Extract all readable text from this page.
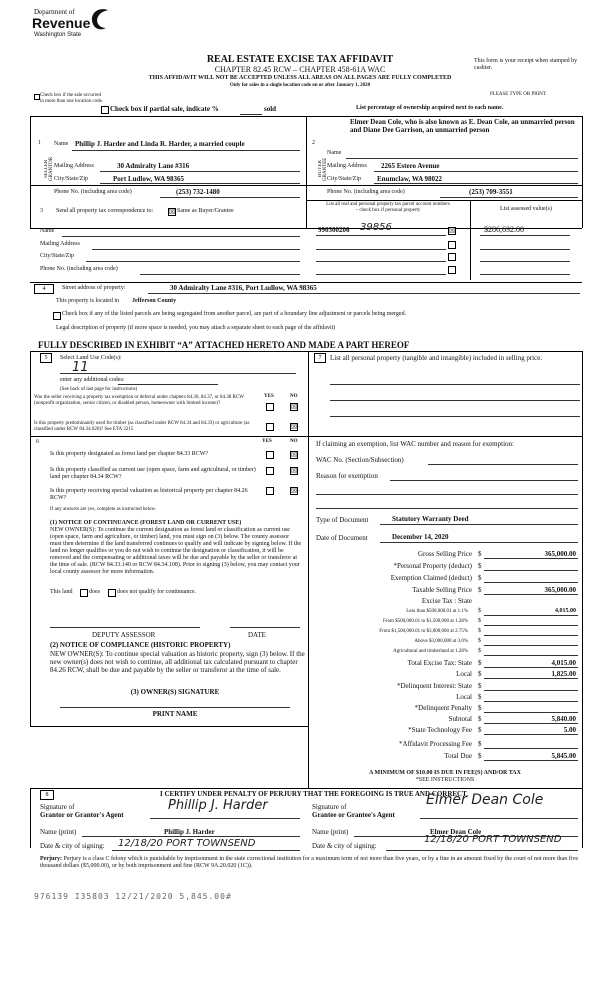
Department of
Revenue
Washington State
REAL ESTATE EXCISE TAX AFFIDAVIT
CHAPTER 82.45 RCW – CHAPTER 458-61A WAC
THIS AFFIDAVIT WILL NOT BE ACCEPTED UNLESS ALL AREAS ON ALL PAGES ARE FULLY COMPLETED
Only for sales in a single location code on or after January 1, 2020
This form is your receipt when stamped by cashier.
PLEASE TYPE OR PRINT
Check box if the sale occurred
in more than one location code.
Check box if partial sale, indicate %	sold	List percentage of ownership acquired next to each name.
1
SELLER GRANTOR
Name Phillip J. Harder and Linda R. Harder, a married couple
Mailing Address	30 Admiralty Lane #316
City/State/Zip	Port Ludlow, WA 98365
Phone No. (including area code)	(253) 732-1480
2
BUYER GRANTEE
Name
Elmer Dean Cole, who is also known as E. Dean Cole, an unmarried person and Diane Dee Garrison, an unmarried person
Mailing Address 2265 Estero Avenue
City/State/Zip Enumclaw, WA 98022
Phone No. (including area code)	(253) 709-3551
3 Send all property tax correspondence to: ☒ Same as Buyer/Grantee
Name
Mailing Address
City/State/Zip
Phone No. (including area code)
List all real and personal property tax parcel account numbers
– check box if personal property	List assessed value(s)
990300206 39856	☒	$286,632.00
4	Street address of property:	30 Admiralty Lane #316, Port Ludlow, WA 98365
This property is located in Jefferson County
Check box if any of the listed parcels are being segregated from another parcel, are part of a boundary line adjustment or parcels being merged.
Legal description of property (if more space is needed, you may attach a separate sheet to each page of the affidavit)
FULLY DESCRIBED IN EXHIBIT “A” ATTACHED HERETO AND MADE A PART HEREOF
5	Select Land Use Code(s):
11
enter any additional codes:
(See back of last page for instructions)
YES	NO
Was the seller receiving a property tax exemption or deferral under chapters 84.36, 84.37, or 84.38 RCW (nonprofit organization, senior citizen, or disabled person, homeowner with limited income)?	☒
Is this property predominantly used for timber (as classified under RCW 84.34 and 84.33) or agriculture (as classified under RCW 84.34.020)? See ETA 3215	☒
7	List all personal property (tangible and intangible) included in selling price.
6	YES	NO
Is this property designated as forest land per chapter 84.33 RCW?	☒
Is this property classified as current use (open space, farm and agricultural, or timber) land per chapter 84.34 RCW?
☒
Is this property receiving special valuation as historical property per chapter 84.26 RCW?
☒
If any answers are yes, complete as instructed below.
(1) NOTICE OF CONTINUANCE (FOREST LAND OR CURRENT USE)
NEW OWNER(S): To continue the current designation as forest land or classification as current use (open space, farm and agriculture, or timber) land, you must sign on (3) below. The county assessor must then determine if the land transferred continues to qualify and will indicate by signing below. If the land no longer qualifies or you do not wish to continue the designation or classification, it will be removed and the compensating or additional taxes will be due and payable by the seller or transferor at the time of sale. (RCW 84.33.140 or RCW 84.34.108). Prior to signing (3) below, you may contact your local county assessor for more information.
This land	does	does not qualify for continuance.
DEPUTY ASSESSOR	DATE
(2) NOTICE OF COMPLIANCE (HISTORIC PROPERTY)
NEW OWNER(S): To continue special valuation as historic property, sign (3) below. If the new owner(s) does not wish to continue, all additional tax calculated pursuant to chapter 84.26 RCW, shall be due and payable by the seller or transferor at the time of sale.
(3) OWNER(S) SIGNATURE
PRINT NAME
If claiming an exemption, list WAC number and reason for exemption:
WAC No. (Section/Subsection)
Reason for exemption
Type of Document	Statutory Warranty Deed
Date of Document	December 14, 2020
Gross Selling Price $	365,000.00
*Personal Property (deduct) $
Exemption Claimed (deduct) $
Taxable Selling Price $	365,000.00
Excise Tax : State
Less than $500,000.01 at 1.1% $	4,015.00
From $500,000.01 to $1,500,000 at 1.28% $
From $1,500,000.01 to $3,000,000 at 2.75% $
Above $3,000,000 at 3.0% $
Agricultural and timberland at 1.28% $
Total Excise Tax: State $	4,015.00
Local $	1,825.00
*Delinquent Interest: State $
Local $
*Delinquent Penalty $
Subtotal $	5,840.00
*State Technology Fee $	5.00
*Affidavit Processing Fee $
Total Due $	5,845.00
A MINIMUM OF $10.00 IS DUE IN FEE(S) AND/OR TAX
*SEE INSTRUCTIONS
8	I CERTIFY UNDER PENALTY OF PERJURY THAT THE FOREGOING IS TRUE AND CORRECT.
Signature of
Grantor or Grantor's Agent
Phillip J. Harder	Signature of
Grantee or Grantee's Agent
Elmer Dean Cole
Name (print)	Phillip J. Harder	Name (print)	Elmer Dean Cole
Date & city of signing: 12/18/20 PORT TOWNSEND	Date & city of signing:
12/18/20 PORT TOWNSEND
Perjury: Perjury is a class C felony which is punishable by imprisonment in the state correctional institution for a maximum term of not more than five years, or by a fine in an amount fixed by the court of not more than five thousand dollars ($5,000.00), or by both imprisonment and fine (RCW 9A.20.020 (1C)).
976139 I35803 12/21/2020 5,845.00#
